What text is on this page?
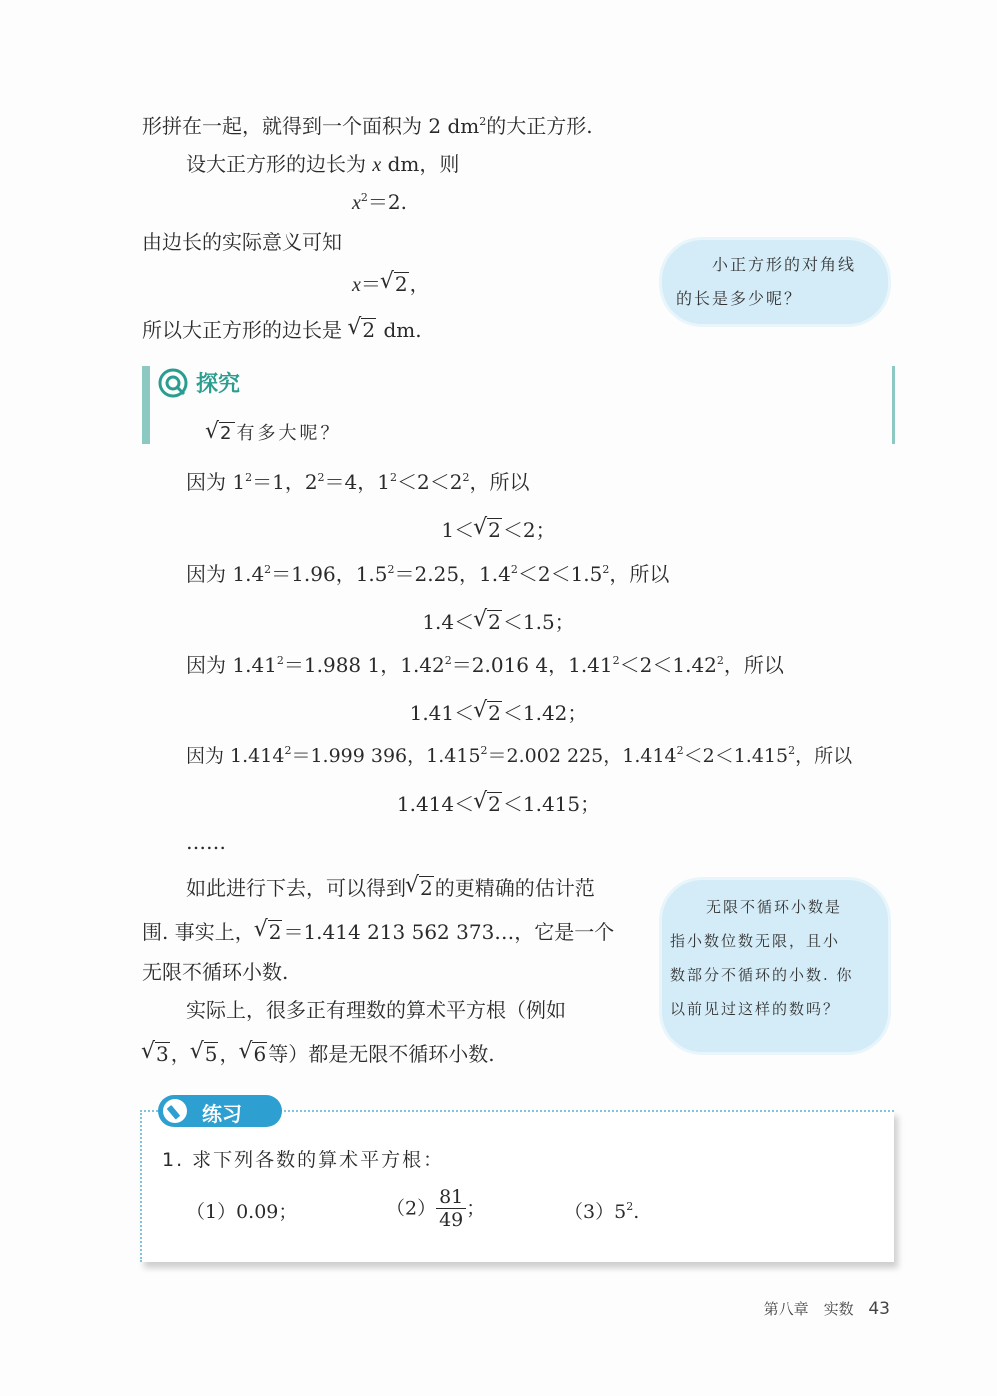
形拼在一起，就得到一个面积为 2 $dm^2$的大正方形.
设大正方形的边长为 x dm，则
$x^2=2$.
由边长的实际意义可知
x＝ √ 2 ，
所以大正方形的边长是 √ 2 dm.

小正方形的对角线

的长是多少呢？

探究
√ 2 有多大呢？
因为 $1^2=1$，$2^2=4$，$1^2<2<2^2$，所以
1＜ √ 2 ＜2；
因为 $1.4^2=1.96$，$1.5^2=2.25$，$1.4^2<2<1.5^2$，所以
1.4＜ √ 2 ＜1.5；
因为 $1.41^2=1.988$ 1，$1.42^2=2.016$ 4，$1.41^2<2<1.42^2$，所以
1.41＜ √ 2 ＜1.42；
因为 $1.414^2=1.999$ 396，$1.415^2=2.002$ 225，$1.414^2<2<1.415^2$，所以
1.414＜ √ 2 ＜1.415；
……
如此进行下去，可以得到 √ 2 的更精确的估计范
围. 事实上， √ 2 ＝1.414 213 562 373…，它是一个
无限不循环小数.
实际上，很多正有理数的算术平方根（例如
√ 3 ， √ 5 ， √ 6 等）都是无限不循环小数.

无限不循环小数是

指小数位数无限，且小

数部分不循环的小数. 你

以前见过这样的数吗？

练习
1. 求下列各数的算术平方根：
（1）0.09；	$(2) \frac{81}{49}$ ；	$(3)5^2$.
第八章　实数 43
